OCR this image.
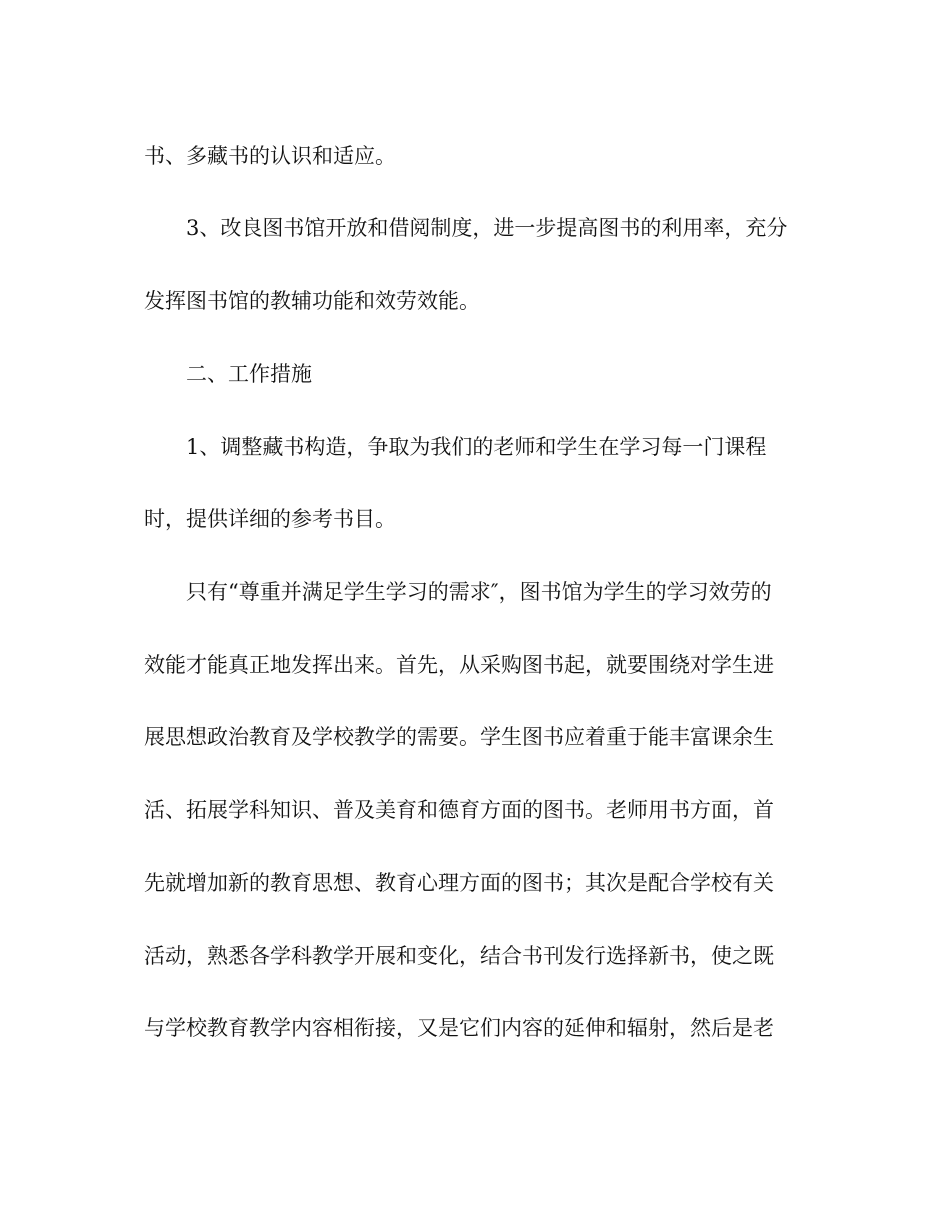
书、多藏书的认识和适应。
3、改良图书馆开放和借阅制度，进一步提高图书的利用率，充分
发挥图书馆的教辅功能和效劳效能。
二、工作措施
1、调整藏书构造，争取为我们的老师和学生在学习每一门课程
时，提供详细的参考书目。
只有“尊重并满足学生学习的需求″，图书馆为学生的学习效劳的
效能才能真正地发挥出来。首先，从采购图书起，就要围绕对学生进
展思想政治教育及学校教学的需要。学生图书应着重于能丰富课余生
活、拓展学科知识、普及美育和德育方面的图书。老师用书方面，首
先就增加新的教育思想、教育心理方面的图书；其次是配合学校有关
活动，熟悉各学科教学开展和变化，结合书刊发行选择新书，使之既
与学校教育教学内容相衔接，又是它们内容的延伸和辐射，然后是老
